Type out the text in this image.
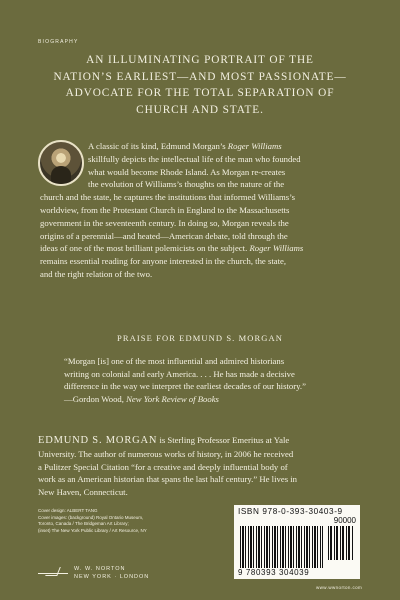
BIOGRAPHY
AN ILLUMINATING PORTRAIT OF THE
NATION’S EARLIEST—AND MOST PASSIONATE—
ADVOCATE FOR THE TOTAL SEPARATION OF
CHURCH AND STATE.
A classic of its kind, Edmund Morgan’s Roger Williams
skillfully depicts the intellectual life of the man who founded
what would become Rhode Island. As Morgan re-creates
the evolution of Williams’s thoughts on the nature of the
church and the state, he captures the institutions that informed Williams’s
worldview, from the Protestant Church in England to the Massachusetts
government in the seventeenth century. In doing so, Morgan reveals the
origins of a perennial—and heated—American debate, told through the
ideas of one of the most brilliant polemicists on the subject. Roger Williams
remains essential reading for anyone interested in the church, the state,
and the right relation of the two.
PRAISE FOR EDMUND S. MORGAN
“Morgan [is] one of the most influential and admired historians
writing on colonial and early America. . . . He has made a decisive
difference in the way we interpret the earliest decades of our history.”
—Gordon Wood, New York Review of Books
EDMUND S. MORGAN is Sterling Professor Emeritus at Yale
University. The author of numerous works of history, in 2006 he received
a Pulitzer Special Citation “for a creative and deeply influential body of
work as an American historian that spans the last half century.” He lives in
New Haven, Connecticut.
Cover design: ALBERT TANG
Cover images: (background) Royal Ontario Museum,
Toronto, Canada / The Bridgeman Art Library;
(inset) The New York Public Library / Art Resource, NY
ISBN 978-0-393-30403-9
90000
9 780393 304039
W. W. NORTON
NEW YORK · LONDON
www.wwnorton.com
